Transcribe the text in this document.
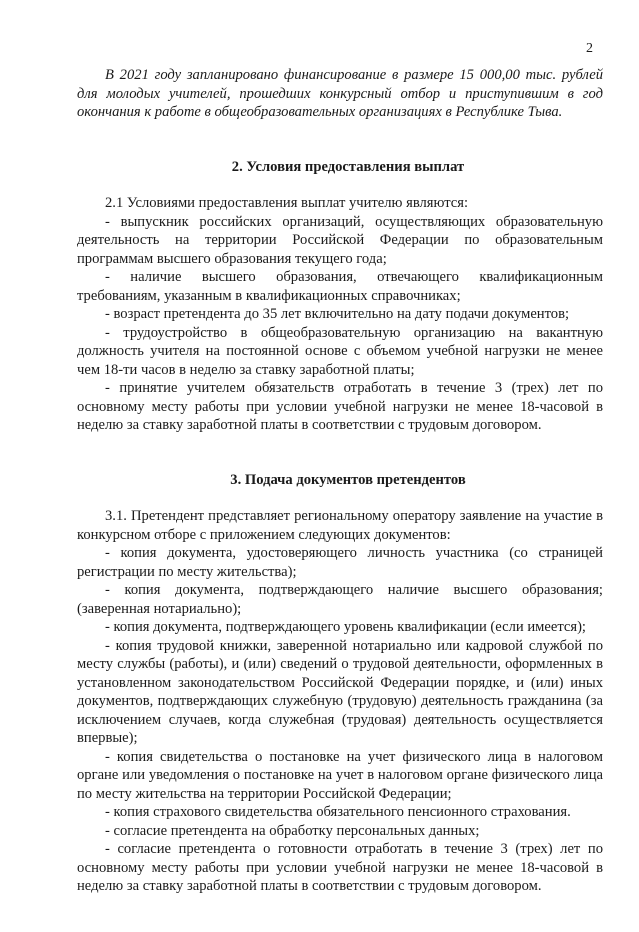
2

В 2021 году запланировано финансирование в размере 15 000,00 тыс. рублей для молодых учителей, прошедших конкурсный отбор и приступившим в год окончания к работе в общеобразовательных организациях в Республике Тыва.

2. Условия предоставления выплат

2.1 Условиями предоставления выплат учителю являются:

- выпускник российских организаций, осуществляющих образовательную деятельность на территории Российской Федерации по образовательным программам высшего образования текущего года;

- наличие высшего образования, отвечающего квалификационным требованиям, указанным в квалификационных справочниках;

- возраст претендента до 35 лет включительно на дату подачи документов;

- трудоустройство в общеобразовательную организацию на вакантную должность учителя на постоянной основе с объемом учебной нагрузки не менее чем 18-ти часов в неделю за ставку заработной платы;

- принятие учителем обязательств отработать в течение 3 (трех) лет по основному месту работы при условии учебной нагрузки не менее 18-часовой в неделю за ставку заработной платы в соответствии с трудовым договором.

3. Подача документов претендентов

3.1. Претендент представляет региональному оператору заявление на участие в конкурсном отборе с приложением следующих документов:

- копия документа, удостоверяющего личность участника (со страницей регистрации по месту жительства);

- копия документа, подтверждающего наличие высшего образования; (заверенная нотариально);

- копия документа, подтверждающего уровень квалификации (если имеется);

- копия трудовой книжки, заверенной нотариально или кадровой службой по месту службы (работы), и (или) сведений о трудовой деятельности, оформленных в установленном законодательством Российской Федерации порядке, и (или) иных документов, подтверждающих служебную (трудовую) деятельность гражданина (за исключением случаев, когда служебная (трудовая) деятельность осуществляется впервые);

- копия свидетельства о постановке на учет физического лица в налоговом органе или уведомления о постановке на учет в налоговом органе физического лица по месту жительства на территории Российской Федерации;

- копия страхового свидетельства обязательного пенсионного страхования.

- согласие претендента на обработку персональных данных;

- согласие претендента о готовности отработать в течение 3 (трех) лет по основному месту работы при условии учебной нагрузки не менее 18-часовой в неделю за ставку заработной платы в соответствии с трудовым договором.
